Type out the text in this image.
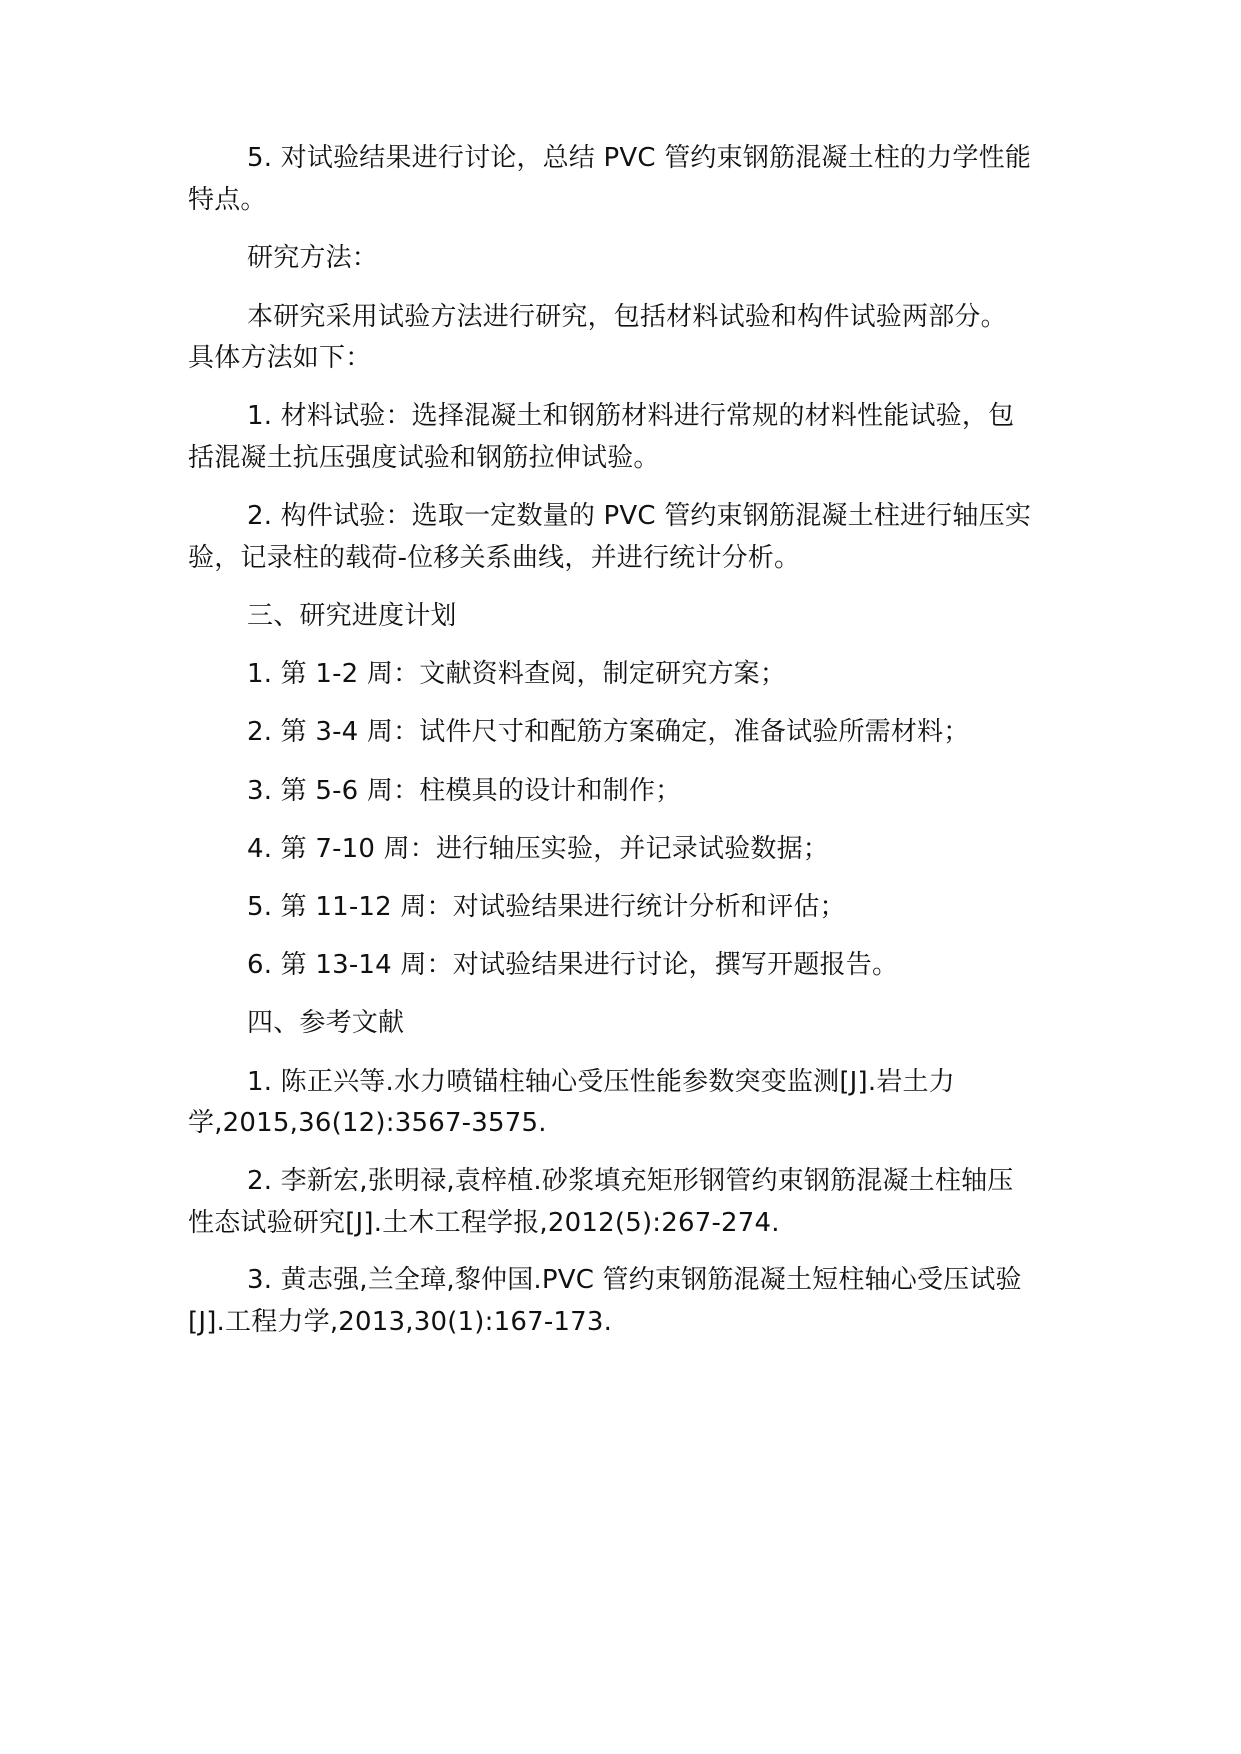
5. 对试验结果进行讨论，总结 PVC 管约束钢筋混凝土柱的力学性能

特点。

研究方法：

本研究采用试验方法进行研究，包括材料试验和构件试验两部分。

具体方法如下：

1. 材料试验：选择混凝土和钢筋材料进行常规的材料性能试验，包

括混凝土抗压强度试验和钢筋拉伸试验。

2. 构件试验：选取一定数量的 PVC 管约束钢筋混凝土柱进行轴压实

验，记录柱的载荷-位移关系曲线，并进行统计分析。

三、研究进度计划

1. 第 1-2 周：文献资料查阅，制定研究方案；

2. 第 3-4 周：试件尺寸和配筋方案确定，准备试验所需材料；

3. 第 5-6 周：柱模具的设计和制作；

4. 第 7-10 周：进行轴压实验，并记录试验数据；

5. 第 11-12 周：对试验结果进行统计分析和评估；

6. 第 13-14 周：对试验结果进行讨论，撰写开题报告。

四、参考文献

1. 陈正兴等.水力喷锚柱轴心受压性能参数突变监测[J].岩土力

学,2015,36(12):3567-3575.

2. 李新宏,张明禄,袁梓植.砂浆填充矩形钢管约束钢筋混凝土柱轴压

性态试验研究[J].土木工程学报,2012(5):267-274.

3. 黄志强,兰全璋,黎仲国.PVC 管约束钢筋混凝土短柱轴心受压试验

[J].工程力学,2013,30(1):167-173.
